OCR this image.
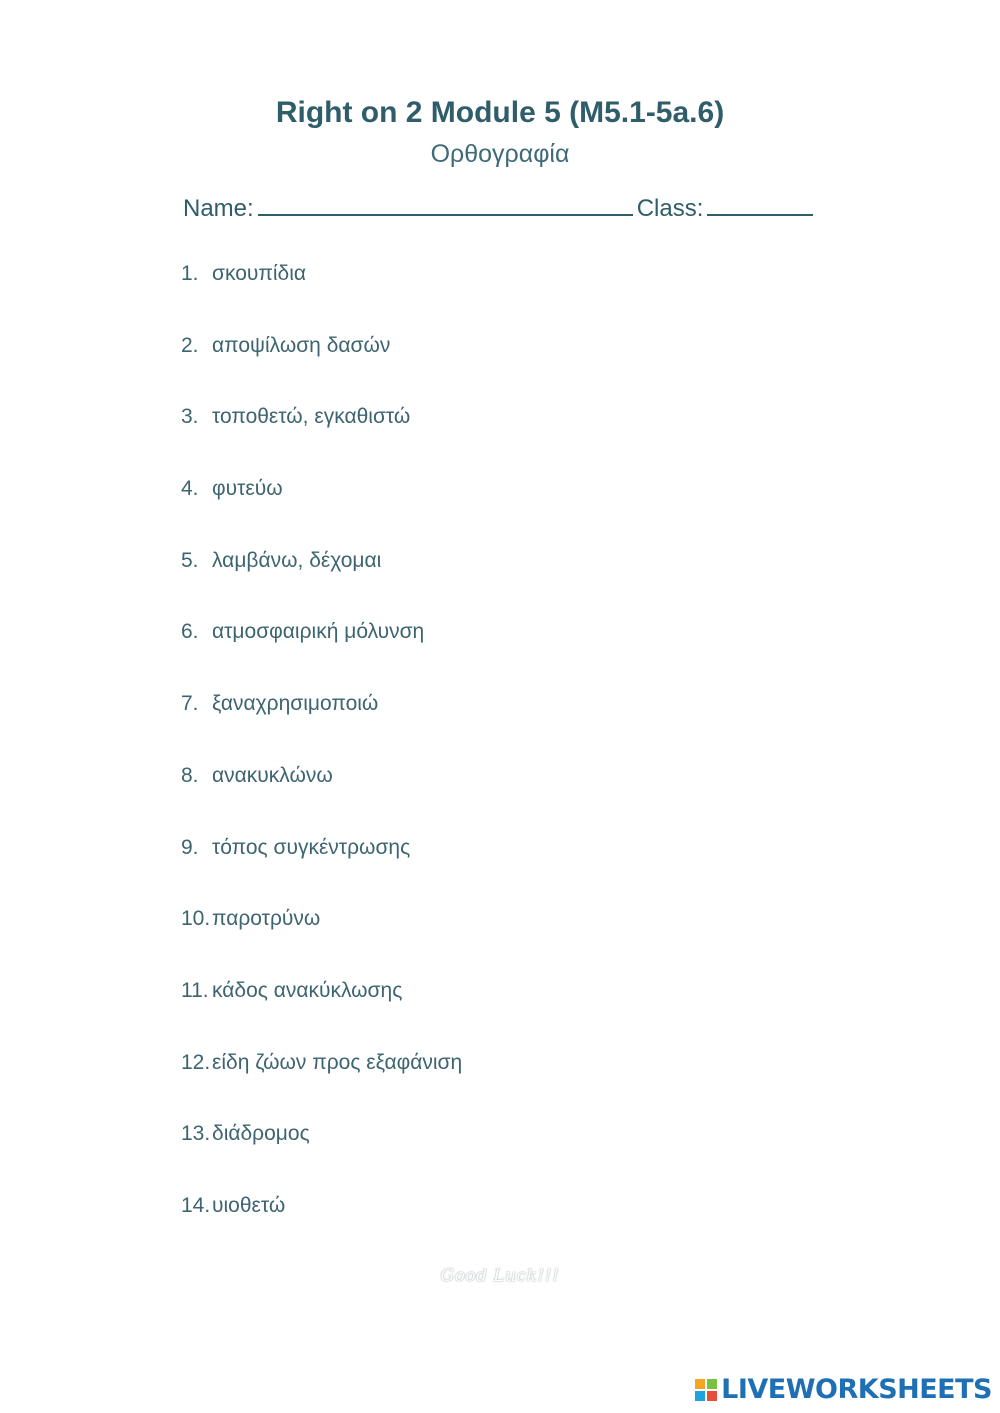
Right on 2 Module 5 (M5.1-5a.6)
Ορθογραφία
Name:	Class:
1. σκουπίδια
2. αποψίλωση δασών
3. τοποθετώ, εγκαθιστώ
4. φυτεύω
5. λαμβάνω, δέχομαι
6. ατμοσφαιρική μόλυνση
7. ξαναχρησιμοποιώ
8. ανακυκλώνω
9. τόπος συγκέντρωσης
10.παροτρύνω
11. κάδος ανακύκλωσης
12.είδη ζώων προς εξαφάνιση
13.διάδρομος
14.υιοθετώ
Good Luck!!!
LIVEWORKSHEETS
